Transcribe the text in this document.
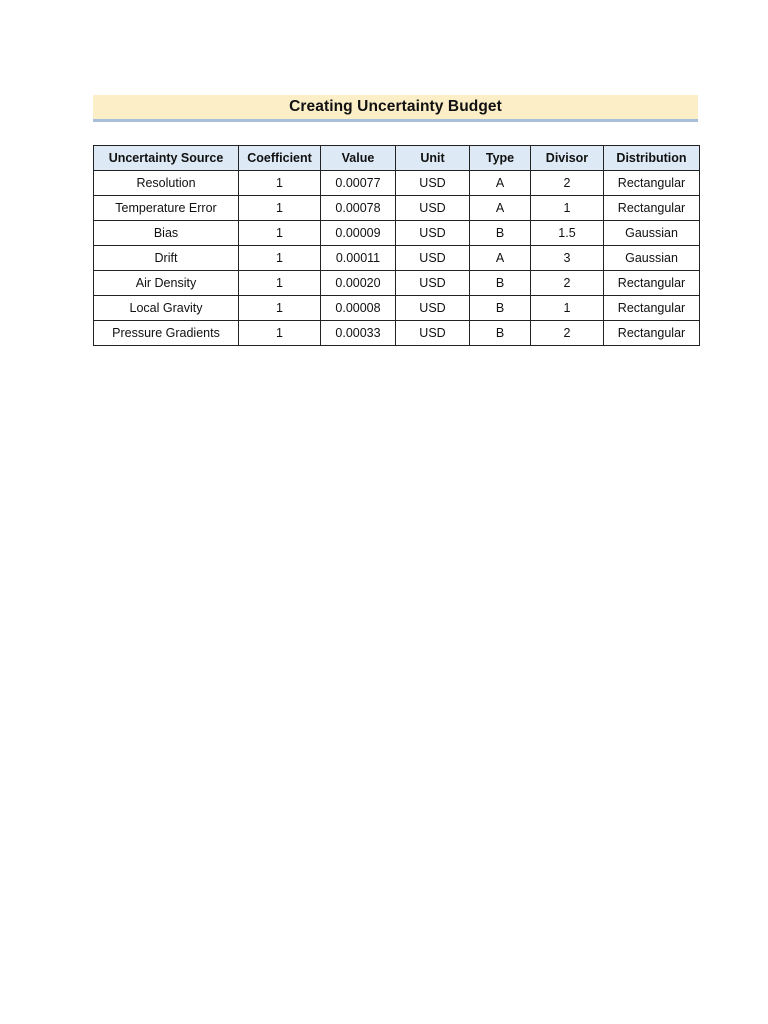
Creating Uncertainty Budget
Uncertainty Source	Coefficient	Value	Unit	Type	Divisor	Distribution
Resolution	1	0.00077	USD	A	2	Rectangular
Temperature Error	1	0.00078	USD	A	1	Rectangular
Bias	1	0.00009	USD	B	1.5	Gaussian
Drift	1	0.00011	USD	A	3	Gaussian
Air Density	1	0.00020	USD	B	2	Rectangular
Local Gravity	1	0.00008	USD	B	1	Rectangular
Pressure Gradients	1	0.00033	USD	B	2	Rectangular
